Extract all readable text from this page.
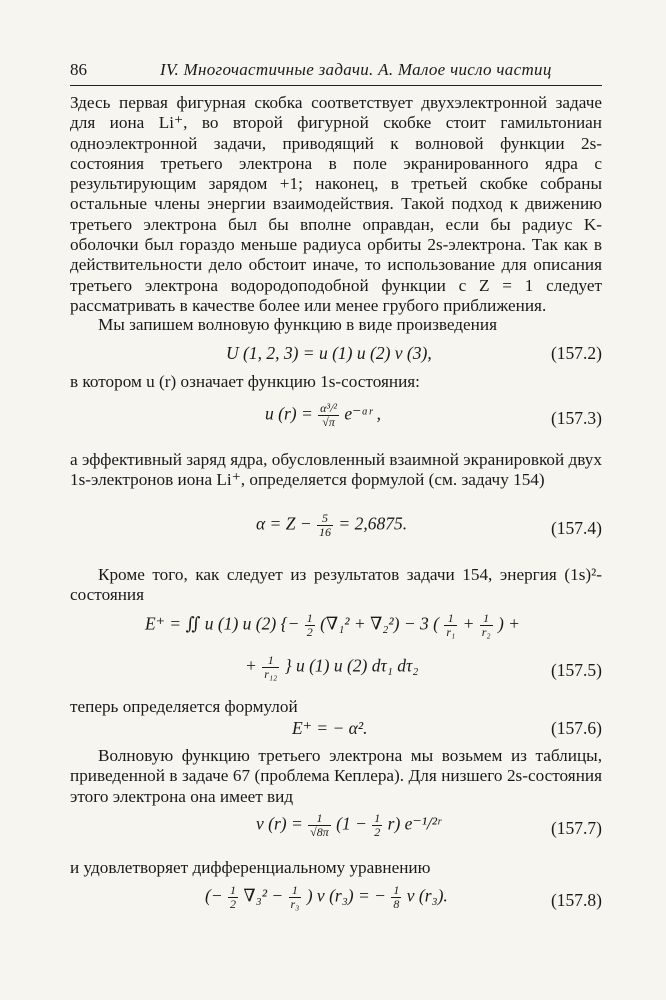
86	IV. Многочастичные задачи. А. Малое число частиц
Здесь первая фигурная скобка соответствует двухэлектронной задаче для иона Li⁺, во второй фигурной скобке стоит гамильтониан одноэлектронной задачи, приводящий к волновой функции 2s-состояния третьего электрона в поле экранированного ядра с результирующим зарядом +1; наконец, в третьей скобке собраны остальные члены энергии взаимодействия. Такой подход к движению третьего электрона был бы вполне оправдан, если бы радиус K-оболочки был гораздо меньше радиуса орбиты 2s-электрона. Так как в действительности дело обстоит иначе, то использование для описания третьего электрона водородоподобной функции с Z = 1 следует рассматривать в качестве более или менее грубого приближения.
Мы запишем волновую функцию в виде произведения
U (1, 2, 3) = u (1) u (2) v (3),	(157.2)
в котором u (r) означает функцию 1s-состояния:
u $(r) = \frac{\text{α³/²}}{√\pi}$ e⁻ᵅʳ ,	(157.3)
а эффективный заряд ядра, обусловленный взаимной экранировкой двух 1s-электронов иона Li⁺, определяется формулой (см. задачу 154)
$\alpha = Z - \frac{5}{16} = 2,6875$.	(157.4)
Кроме того, как следует из результатов задачи 154, энергия (1s)²-состояния
E⁺ = ∬ u (1) u (2) {− $\frac{1}{2} (\nabla_1^2 + \nabla_2^2) - 3$ ( $\frac{1}{\text{r₁}} + \frac{1}{\text{r₂}}$ ) +
+ $\frac{1}{\text{r₁₂}}$ } u (1) u (2) dτ₁ dτ₂	(157.5)
теперь определяется формулой
E⁺ = − α².	(157.6)
Волновую функцию третьего электрона мы возьмем из таблицы, приведенной в задаче 67 (проблема Кеплера). Для низшего 2s-состояния этого электрона она имеет вид
v $(r) = \frac{1}{√8\pi} (1 - \frac{1}{2} r)$ e⁻¹/²ʳ	(157.7)
и удовлетворяет дифференциальному уравнению
(− $\frac{1}{2} \nabla_3^2 - \frac{1}{\text{r₃}}$ ) v (r₃) = − $\frac{1}{8}$ v (r₃).	(157.8)
